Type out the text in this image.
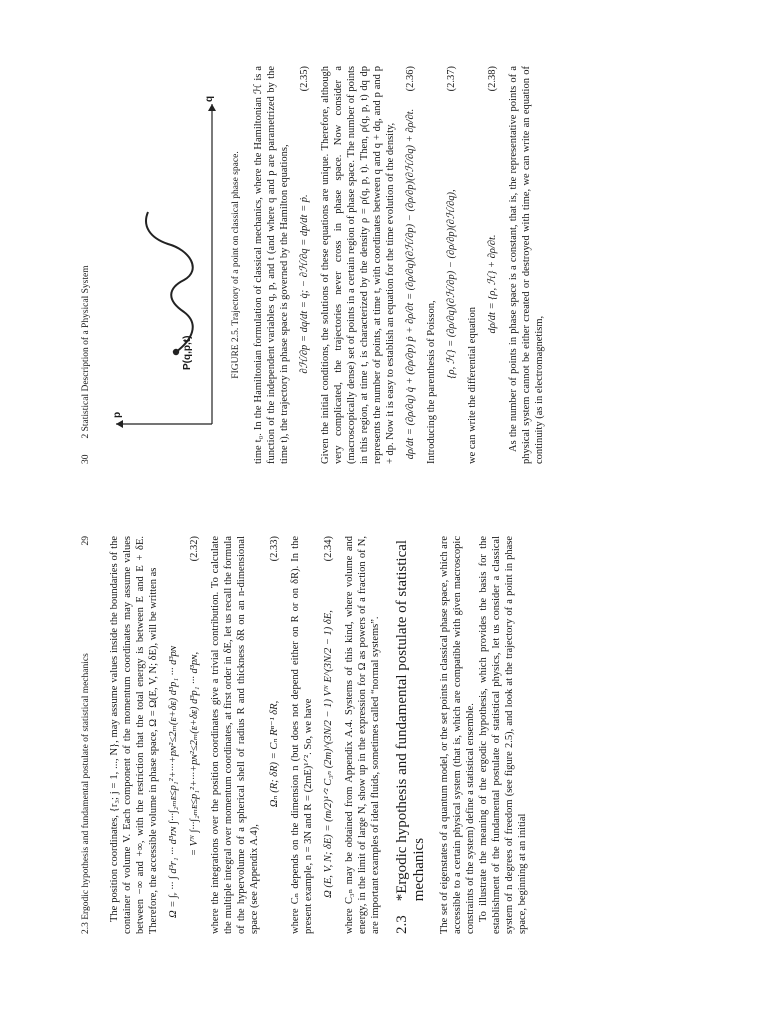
2.3 Ergodic hypothesis and fundamental postulate of statistical mechanics
29 The position coordinates, {r₃; j = 1, ..., N}, may assume values inside the boundaries of the container of volume V. Each component of the momentum coordinates may assume values between −∞ and +∞, with the restriction that the total energy is between E and E + δE. Therefore, the accessible volume in phase space, Ω = Ω(E, V, N; δE), will be written as Ω = ∫ᵥ ··· ∫ d³r₁ ··· d³rɴ ∫···∫₂ₘᴇ≤p₁²+···+pɴ²≤2ₘ(ᴇ+δᴇ) d³p₁ ··· d³pɴ = Vᴺ ∫···∫₂ₘᴇ≤p₁²+···+pɴ²≤2ₘ(ᴇ+δᴇ) d³p₁ ··· d³pɴ,
(2.32) where the integrations over the position coordinates give a trivial contribution. To calculate the multiple integral over momentum coordinates, at first order in δE, let us recall the formula of the hypervolume of a spherical shell of radius R and thickness δR on an n-dimensional space (see Appendix A.4),

Ωₙ (R; δR) = Cₙ Rⁿ⁻¹ δR,
(2.33) where Cₙ depends on the dimension n (but does not depend either on R or on δR). In the present example, n = 3N and R = (2mE)¹ᐟ². So, we have Ω (E, V, N; δE) = (m/2)¹ᐟ² C₃ₙ (2m)^(3N/2 − 1) Vᴺ E^(3N/2 − 1) δE,
(2.34) where C₃ₙ may be obtained from Appendix A.4. Systems of this kind, where volume and energy, in the limit of large N, show up in the expression for Ω as powers of a fraction of N, are important examples of ideal fluids, sometimes called “normal systems”. 2.3
*Ergodic hypothesis and fundamental postulate of statistical mechanics The set of eigenstates of a quantum model, or the set points in classical phase space, which are accessible to a certain physical system (that is, which are compatible with given macroscopic constraints of the system) define a statistical ensemble. To illustrate the meaning of the ergodic hypothesis, which provides the basis for the establishment of the fundamental postulate of statistical physics, let us consider a classical system of n degrees of freedom (see figure 2.5), and look at the trajectory of a point in phase space, beginning at an initial

30
2 Statistical Description of a Physical System p
q
P(q,p,t)	FIGURE 2.5. Trajectory of a point on classical phase space. time t₀. In the Hamiltonian formulation of classical mechanics, where the Hamiltonian ℋ is a function of the independent variables q, p, and t (and where q and p are parametrized by the time t), the trajectory in phase space is governed by the Hamilton equations, ∂ℋ/∂p = dq/dt = q̇; − ∂ℋ/∂q = dp/dt = ṗ.
(2.35) Given the initial conditions, the solutions of these equations are unique. Therefore, although very complicated, the trajectories never cross in phase space. Now consider a (macroscopically dense) set of points in a certain region of phase space. The number of points in this region, at time t, is characterized by the density ρ = ρ(q, p, t). Then, ρ(q, p, t) dq dp represents the number of points, at time t, with coordinates between q and q + dq, and p and p + dp. Now it is easy to establish an equation for the time evolution of the density, dρ/dt = (∂ρ/∂q) q̇ + (∂ρ/∂p) ṗ + ∂ρ/∂t = (∂ρ/∂q)(∂ℋ/∂p) − (∂ρ/∂p)(∂ℋ/∂q) + ∂ρ/∂t.
(2.36)

Introducing the parenthesis of Poisson,

{ρ, ℋ} = (∂ρ/∂q)(∂ℋ/∂p) − (∂ρ/∂p)(∂ℋ/∂q),
(2.37)

we can write the differential equation

dρ/dt = {ρ, ℋ} + ∂ρ/∂t.
(2.38) As the number of points in phase space is a constant, that is, the representative points of a physical system cannot be either created or destroyed with time, we can write an equation of continuity (as in electromagnetism,
